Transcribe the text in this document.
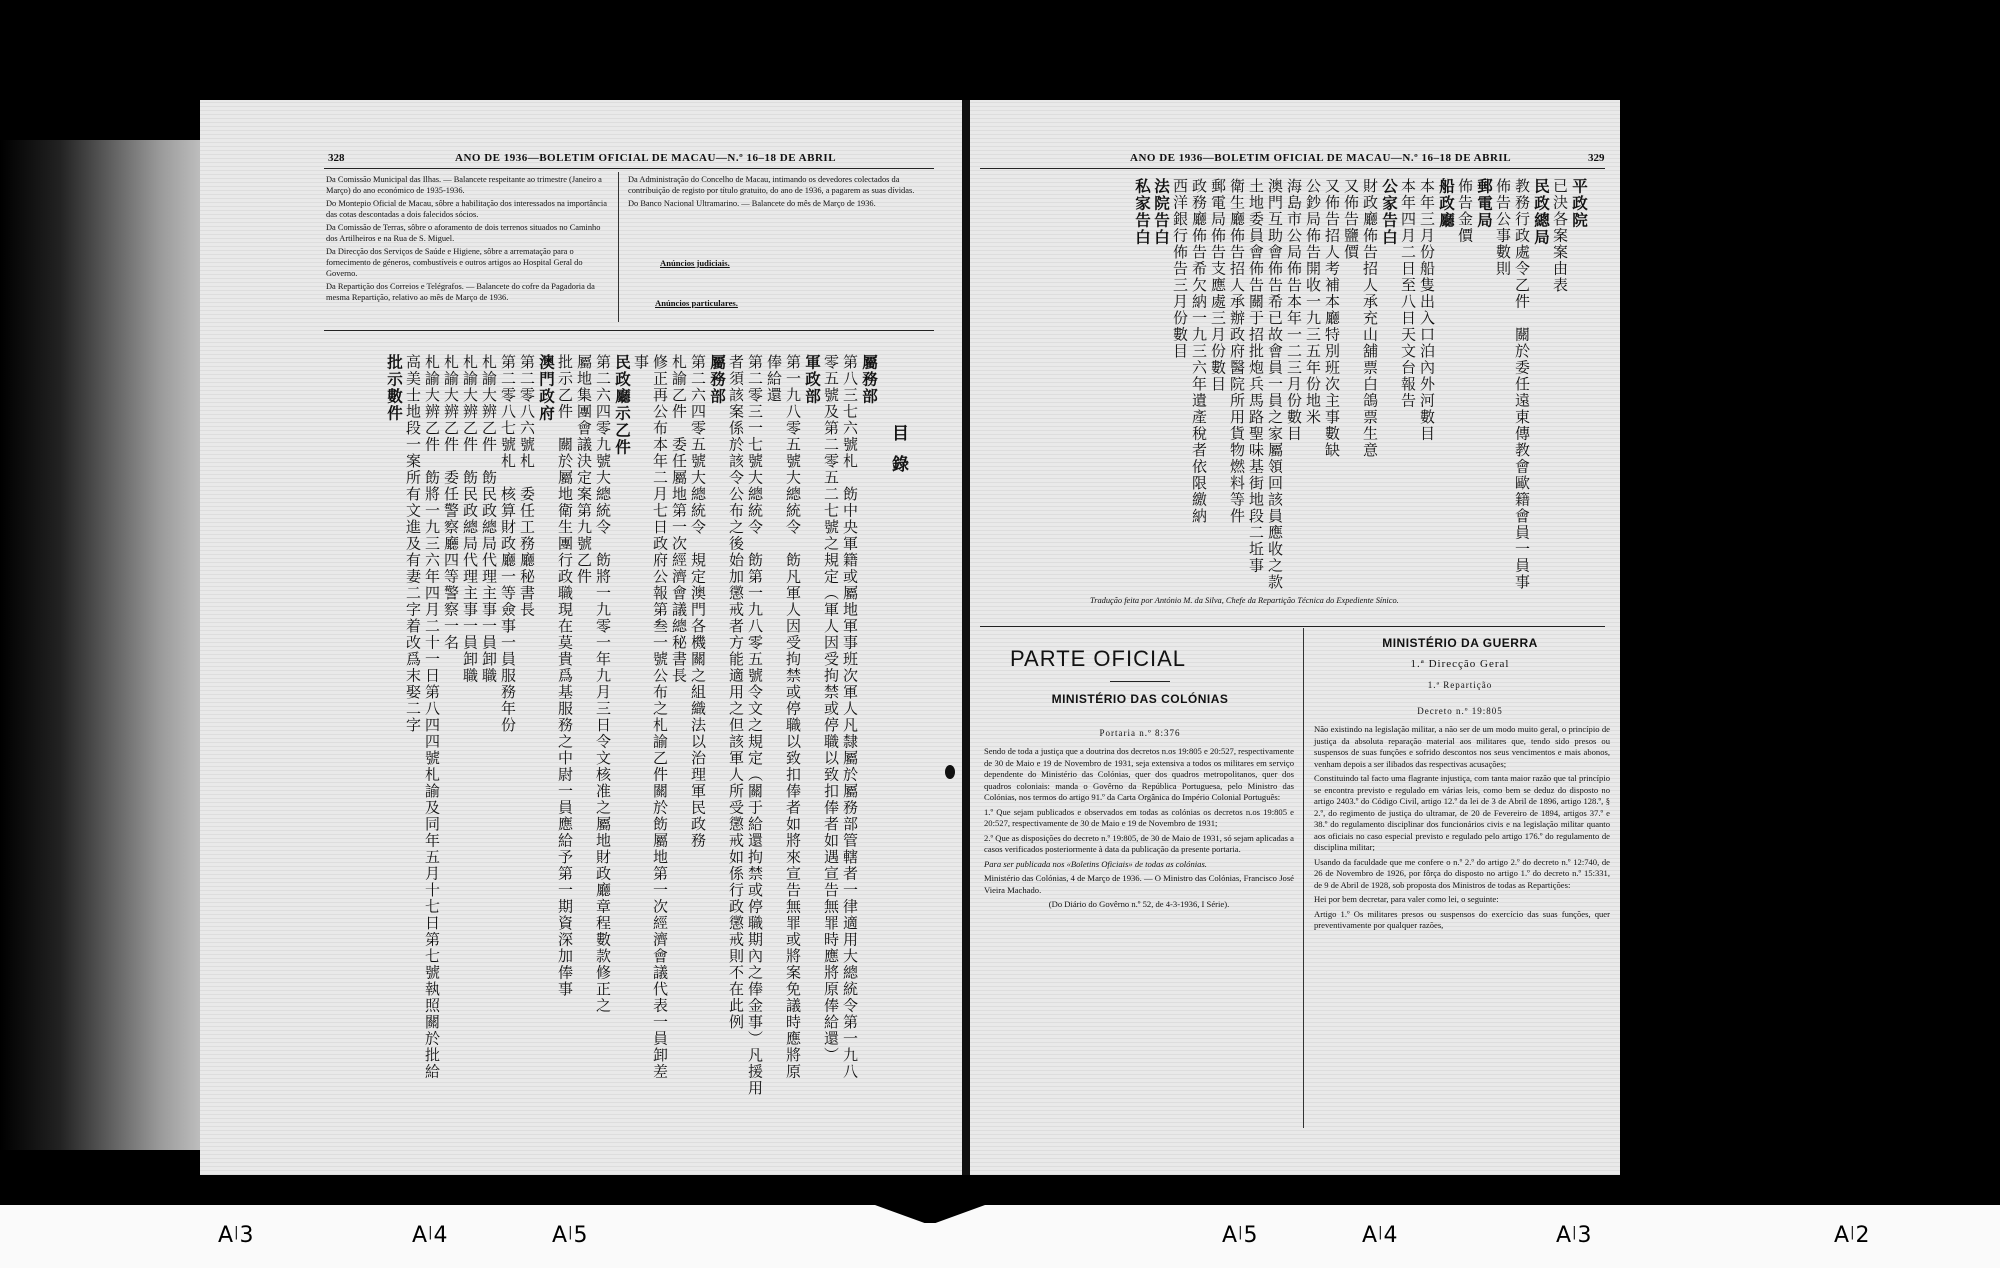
328	ANO DE 1936—BOLETIM OFICIAL DE MACAU—N.º 16–18 DE ABRIL

Da Comissão Municipal das Ilhas. — Balancete respeitante ao trimestre (Janeiro a Março) do ano económico de 1935-1936.

Do Montepio Oficial de Macau, sôbre a habilitação dos interessados na importância das cotas descontadas a dois falecidos sócios.

Da Comissão de Terras, sôbre o aforamento de dois terrenos situados no Caminho dos Artilheiros e na Rua de S. Miguel.

Da Direcção dos Serviços de Saúde e Higiene, sôbre a arrematação para o fornecimento de géneros, combustíveis e outros artigos ao Hospital Geral do Governo.

Da Repartição dos Correios e Telégrafos. — Balancete do cofre da Pagadoria da mesma Repartição, relativo ao mês de Março de 1936.

Da Administração do Concelho de Macau, intimando os devedores colectados da contribuição de registo por título gratuito, do ano de 1936, a pagarem as suas dívidas.

Do Banco Nacional Ultramarino. — Balancete do mês de Março de 1936.

Anúncios judiciais.
Anúncios particulares.
目錄
屬務部
第八三七六號札　飭中央軍籍或屬地軍事班次軍人凡隸屬於屬務部管轄者一律適用大總統令第一九八
零五號及第二零五二七號之規定（軍人因受拘禁或停職以致扣俸者如遇宣告無罪時應將原俸給還）
軍政部
第一九八零五號大總統令　飭凡軍人因受拘禁或停職以致扣俸者如將來宣告無罪或將案免議時應將原
俸給還
第二零三一七號大總統令　飭第一九八零五號令文之規定（關于給還拘禁或停職期內之俸金事）凡援用
者須該案係於該令公布之後始加懲戒者方能適用之但該軍人所受懲戒如係行政懲戒則不在此例
屬務部
第二六四零五號大總統令　規定澳門各機關之組織法以治理軍民政務
札諭乙件　委任屬地第一次經濟會議總秘書長
修正再公布本年二月七日政府公報第叁一號公布之札諭乙件關於飭屬地第一次經濟會議代表一員卸差
事
民政廳示乙件
第二六四零九號大總統令　飭將一九零一年九月三日令文核准之屬地財政廳章程數款修正之
屬地集團會議決定案第九號乙件
批示乙件　關於屬地衛生團行政職現在莫貴爲基服務之中尉一員應給予第一期資深加俸事
澳門政府
第二零八六號札　委任工務廳秘書長
第二零八七號札　核算財政廳一等僉事一員服務年份
札諭大辨乙件　飭民政總局代理主事一員卸職
札諭大辨乙件　飭民政總局代理主事一員卸職
札諭大辨乙件　委任警察廳四等警察一名
札諭大辨乙件　飭將一九三六年四月二十一日第八四四號札諭及同年五月十七日第七號執照關於批給
高美士地段一案所有文進及有妻二字着改爲末娶二字
批示數件
ANO DE 1936—BOLETIM OFICIAL DE MACAU—N.º 16–18 DE ABRIL	329
平政院
已決各案案由表
民政總局
教務行政處令乙件　關於委任遠東傳教會歐籍會員一員事
佈告公事數則
郵電局
佈告金價
船政廳
本年三月份船隻出入口泊內外河數目
本年四月二日至八日天文台報告
公家告白
財政廳佈告招人承充山舖票白鴿票生意
又佈告鹽價
又佈告招人考補本廳特別班次主事數缺
公鈔局佈告開收一九三五年份地米
海島市公局佈告本年一二三月份數目
澳門互助會佈告希已故會員一員之家屬領回該員應收之款
土地委員會佈告關于招批炮兵馬路聖味基街地段二坵事
衛生廳佈告招人承辦政府醫院所用貨物燃料等件
郵電局佈告支應處三月份數目
政務廳佈告希欠納一九三六年遺產稅者依限繳納
西洋銀行佈告三月份數目
法院告白
私家告白
Tradução feita por António M. da Silva, Chefe da Repartição Técnica do Expediente Sínico.
PARTE OFICIAL
MINISTÉRIO DAS COLÓNIAS
Portaria n.º 8:376

Sendo de toda a justiça que a doutrina dos decretos n.os 19:805 e 20:527, respectivamente de 30 de Maio e 19 de Novembro de 1931, seja extensiva a todos os militares em serviço dependente do Ministério das Colónias, quer dos quadros metropolitanos, quer dos quadros coloniais: manda o Govêrno da República Portuguesa, pelo Ministro das Colónias, nos termos do artigo 91.º da Carta Orgânica do Império Colonial Português:

1.º Que sejam publicados e observados em todas as colónias os decretos n.os 19:805 e 20:527, respectivamente de 30 de Maio e 19 de Novembro de 1931;

2.º Que as disposições do decreto n.º 19:805, de 30 de Maio de 1931, só sejam aplicadas a casos verificados posteriormente à data da publicação da presente portaria.

Para ser publicada nos «Boletins Oficiais» de todas as colónias.

Ministério das Colónias, 4 de Março de 1936. — O Ministro das Colónias, Francisco José Vieira Machado.

(Do Diário do Govêrno n.º 52, de 4-3-1936, I Série).

MINISTÉRIO DA GUERRA
1.ª Direcção Geral
1.ª Repartição
Decreto n.º 19:805

Não existindo na legislação militar, a não ser de um modo muito geral, o princípio de justiça da absoluta reparação material aos militares que, tendo sido presos ou suspensos de suas funções e sofrido descontos nos seus vencimentos e mais abonos, venham depois a ser ilibados das respectivas acusações;

Constituindo tal facto uma flagrante injustiça, com tanta maior razão que tal princípio se encontra previsto e regulado em várias leis, como bem se deduz do disposto no artigo 2403.º do Código Civil, artigo 12.º da lei de 3 de Abril de 1896, artigo 128.º, § 2.º, do regimento de justiça do ultramar, de 20 de Fevereiro de 1894, artigos 37.º e 38.º do regulamento disciplinar dos funcionários civis e na legislação militar quanto aos oficiais no caso especial previsto e regulado pelo artigo 176.º do regulamento de disciplina militar;

Usando da faculdade que me confere o n.º 2.º do artigo 2.º do decreto n.º 12:740, de 26 de Novembro de 1926, por fôrça do disposto no artigo 1.º do decreto n.º 15:331, de 9 de Abril de 1928, sob proposta dos Ministros de todas as Repartições:

Hei por bem decretar, para valer como lei, o seguinte:

Artigo 1.º Os militares presos ou suspensos do exercício das suas funções, quer preventivamente por qualquer razões,

A|3	A|4	A|5	A|5	A|4	A|3	A|2
